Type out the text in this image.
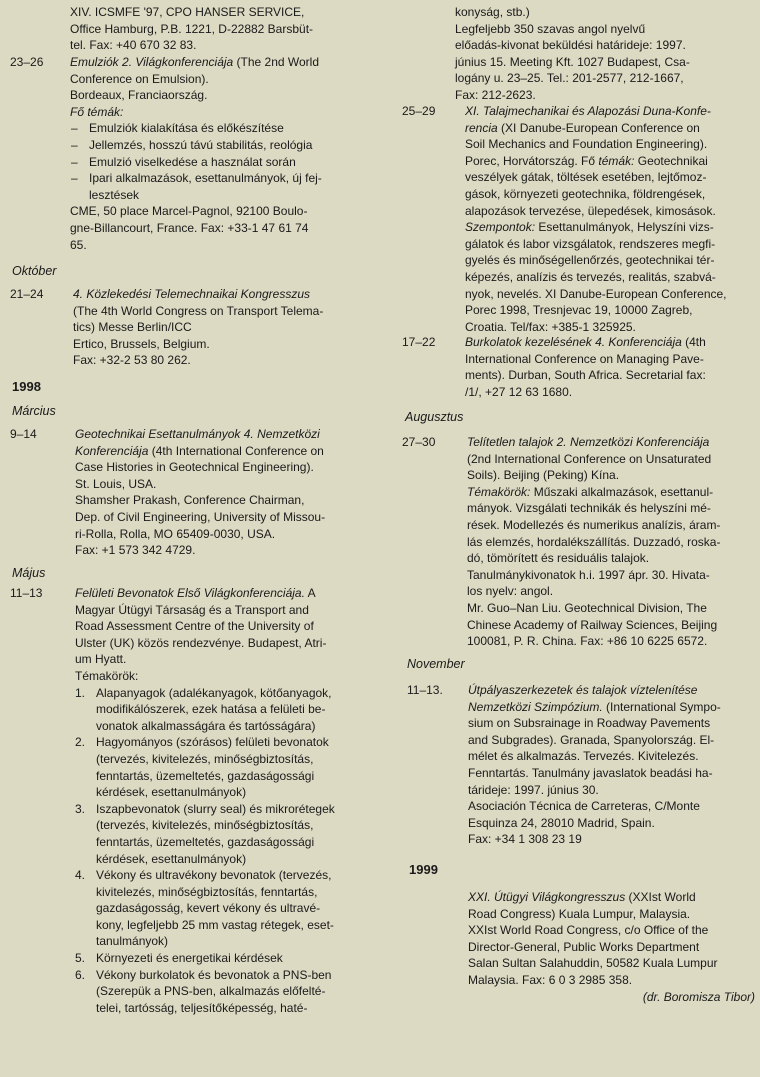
XIV. ICSMFE '97, CPO HANSER SERVICE,

Office Hamburg, P.B. 1221, D-22882 Barsbüt-

tel. Fax: +40 670 32 83.

23–26 Emulziók 2. Világkonferenciája (The 2nd World

Conference on Emulsion).

Bordeaux, Franciaország.

Fő témák:

– Emulziók kialakítása és előkészítése
– Jellemzés, hosszú távú stabilitás, reológia
– Emulzió viselkedése a használat során
– Ipari alkalmazások, esettanulmányok, új fej-lesztések

CME, 50 place Marcel-Pagnol, 92100 Boulo-

gne-Billancourt, France. Fax: +33-1 47 61 74

65.

Október
21–24 4. Közlekedési Telemechnaikai Kongresszus

(The 4th World Congress on Transport Telema-

tics) Messe Berlin/ICC

Ertico, Brussels, Belgium.

Fax: +32-2 53 80 262.

1998
Március
9–14	Geotechnikai Esettanulmányok 4. Nemzetközi

Konferenciája (4th International Conference on

Case Histories in Geotechnical Engineering).

St. Louis, USA.

Shamsher Prakash, Conference Chairman,

Dep. of Civil Engineering, University of Missou-

ri-Rolla, Rolla, MO 65409-0030, USA.

Fax: +1 573 342 4729.

Május
11–13	Felületi Bevonatok Első Világkonferenciája. A

Magyar Útügyi Társaság és a Transport and

Road Assessment Centre of the University of

Ulster (UK) közös rendezvénye. Budapest, Atri-

um Hyatt.

Témakörök:

1. Alapanyagok (adalékanyagok, kötőanyagok,

modifikálószerek, ezek hatása a felületi be-

vonatok alkalmasságára és tartósságára)

2. Hagyományos (szórásos) felületi bevonatok

(tervezés, kivitelezés, minőségbiztosítás,

fenntartás, üzemeltetés, gazdaságossági

kérdések, esettanulmányok)

3. Iszapbevonatok (slurry seal) és mikrorétegek

(tervezés, kivitelezés, minőségbiztosítás,

fenntartás, üzemeltetés, gazdaságossági

kérdések, esettanulmányok)

4. Vékony és ultravékony bevonatok (tervezés,

kivitelezés, minőségbiztosítás, fenntartás,

gazdaságosság, kevert vékony és ultravé-

kony, legfeljebb 25 mm vastag rétegek, eset-

tanulmányok)

5. Környezeti és energetikai kérdések

6. Vékony burkolatok és bevonatok a PNS-ben

(Szerepük a PNS-ben, alkalmazás előfelté-

telei, tartósság, teljesítőképesség, haté-

konyság, stb.)

Legfeljebb 350 szavas angol nyelvű

előadás-kivonat beküldési határideje: 1997.

június 15. Meeting Kft. 1027 Budapest, Csa-

logány u. 23–25. Tel.: 201-2577, 212-1667,

Fax: 212-2623.

25–29 XI. Talajmechanikai és Alapozási Duna-Konfe-

rencia (XI Danube-European Conference on

Soil Mechanics and Foundation Engineering).

Porec, Horvátország. Fő témák: Geotechnikai

veszélyek gátak, töltések esetében, lejtőmoz-

gások, környezeti geotechnika, földrengések,

alapozások tervezése, ülepedések, kimosások.

Szempontok: Esettanulmányok, Helyszíni vizs-

gálatok és labor vizsgálatok, rendszeres megfi-

gyelés és minőségellenőrzés, geotechnikai tér-

képezés, analízis és tervezés, realitás, szabvá-

nyok, nevelés. XI Danube-European Conference,

Porec 1998, Tresnjevac 19, 10000 Zagreb,

Croatia. Tel/fax: +385-1 325925.

17–22 Burkolatok kezelésének 4. Konferenciája (4th

International Conference on Managing Pave-

ments). Durban, South Africa. Secretarial fax:

/1/, +27 12 63 1680.

Augusztus
27–30	Telítetlen talajok 2. Nemzetközi Konferenciája

(2nd International Conference on Unsaturated

Soils). Beijing (Peking) Kína.

Témakörök: Műszaki alkalmazások, esettanul-

mányok. Vizsgálati technikák és helyszíni mé-

rések. Modellezés és numerikus analízis, áram-

lás elemzés, hordalékszállítás. Duzzadó, roska-

dó, tömörített és residuális talajok.

Tanulmánykivonatok h.i. 1997 ápr. 30. Hivata-

los nyelv: angol.

Mr. Guo–Nan Liu. Geotechnical Division, The

Chinese Academy of Railway Sciences, Beijing

100081, P. R. China. Fax: +86 10 6225 6572.

November
11–13. Útpályaszerkezetek és talajok víztelenítése

Nemzetközi Szimpózium. (International Sympo-

sium on Subsrainage in Roadway Pavements

and Subgrades). Granada, Spanyolország. El-

mélet és alkalmazás. Tervezés. Kivitelezés.

Fenntartás. Tanulmány javaslatok beadási ha-

tárideje: 1997. június 30.

Asociación Técnica de Carreteras, C/Monte

Esquinza 24, 28010 Madrid, Spain.

Fax: +34 1 308 23 19

1999

XXI. Útügyi Világkongresszus (XXIst World

Road Congress) Kuala Lumpur, Malaysia.

XXIst World Road Congress, c/o Office of the

Director-General, Public Works Department

Salan Sultan Salahuddin, 50582 Kuala Lumpur

Malaysia. Fax: 6 0 3 2985 358.

(dr. Boromisza Tibor)
